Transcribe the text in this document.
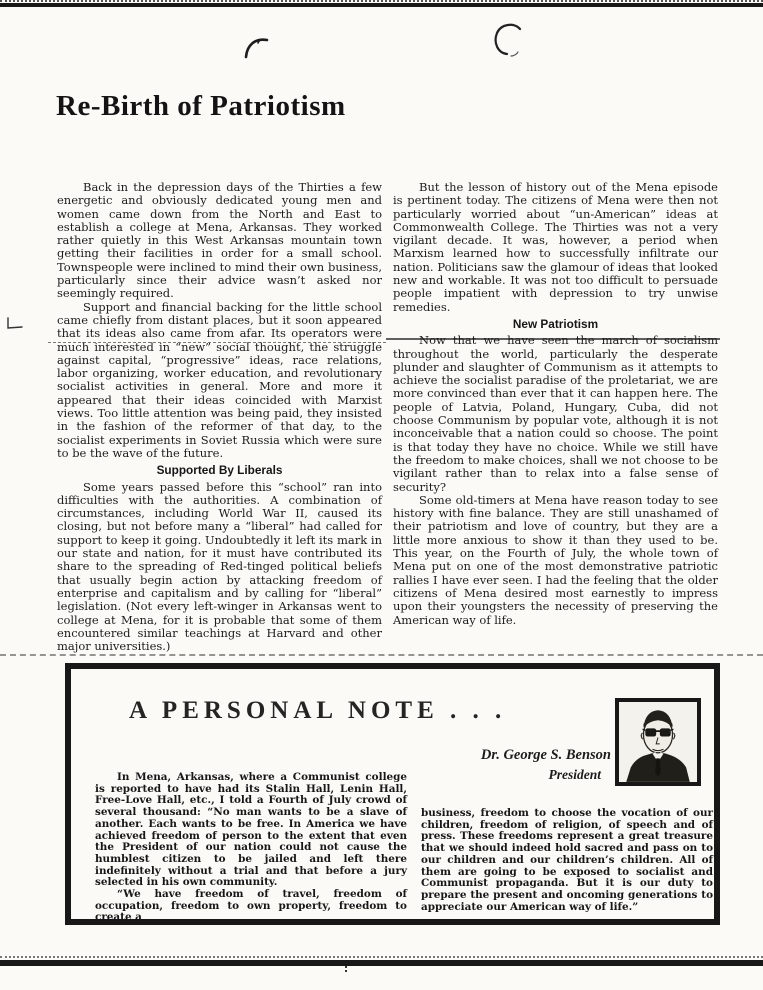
Re-Birth of Patriotism

Back in the depression days of the Thirties a few energetic and obviously dedicated young men and women came down from the North and East to establish a college at Mena, Arkansas. They worked rather quietly in this West Arkansas mountain town getting their facilities in order for a small school. Townspeople were inclined to mind their own business, particularly since their advice wasn’t asked nor seemingly required.

Support and financial backing for the little school came chiefly from distant places, but it soon appeared that its ideas also came from afar. Its operators were much interested in “new” social thought, the struggle against capital, “progressive” ideas, race relations, labor organizing, worker education, and revolutionary socialist activities in general. More and more it appeared that their ideas coincided with Marxist views. Too little attention was being paid, they insisted in the fashion of the reformer of that day, to the socialist experiments in Soviet Russia which were sure to be the wave of the future.

Supported By Liberals

Some years passed before this “school” ran into difficulties with the authorities. A combination of circumstances, including World War II, caused its closing, but not before many a “liberal” had called for support to keep it going. Undoubtedly it left its mark in our state and nation, for it must have contributed its share to the spreading of Red-tinged political beliefs that usually begin action by attacking freedom of enterprise and capitalism and by calling for “liberal” legislation. (Not every left-winger in Arkansas went to college at Mena, for it is probable that some of them encountered similar teachings at Harvard and other major universities.)

But the lesson of history out of the Mena episode is pertinent today. The citizens of Mena were then not particularly worried about “un-American” ideas at Commonwealth College. The Thirties was not a very vigilant decade. It was, however, a period when Marxism learned how to successfully infiltrate our nation. Politicians saw the glamour of ideas that looked new and workable. It was not too difficult to persuade people impatient with depression to try unwise remedies.

New Patriotism

Now that we have seen the march of socialism throughout the world, particularly the desperate plunder and slaughter of Communism as it attempts to achieve the socialist paradise of the proletariat, we are more convinced than ever that it can happen here. The people of Latvia, Poland, Hungary, Cuba, did not choose Communism by popular vote, although it is not inconceivable that a nation could so choose. The point is that today they have no choice. While we still have the freedom to make choices, shall we not choose to be vigilant rather than to relax into a false sense of security?

Some old-timers at Mena have reason today to see history with fine balance. They are still unashamed of their patriotism and love of country, but they are a little more anxious to show it than they used to be. This year, on the Fourth of July, the whole town of Mena put on one of the most demonstrative patriotic rallies I have ever seen. I had the feeling that the older citizens of Mena desired most earnestly to impress upon their youngsters the necessity of preserving the American way of life.

A PERSONAL NOTE . . .
Dr. George S. Benson
President

In Mena, Arkansas, where a Communist college is reported to have had its Stalin Hall, Lenin Hall, Free-Love Hall, etc., I told a Fourth of July crowd of several thousand: “No man wants to be a slave of another. Each wants to be free. In America we have achieved freedom of person to the extent that even the President of our nation could not cause the humblest citizen to be jailed and left there indefinitely without a trial and that before a jury selected in his own community.

“We have freedom of travel, freedom of occupation, freedom to own property, freedom to create a

business, freedom to choose the vocation of our children, freedom of religion, of speech and of press. These freedoms represent a great treasure that we should indeed hold sacred and pass on to our children and our children’s children. All of them are going to be exposed to socialist and Communist propaganda. But it is our duty to prepare the present and oncoming generations to appreciate our American way of life.”
